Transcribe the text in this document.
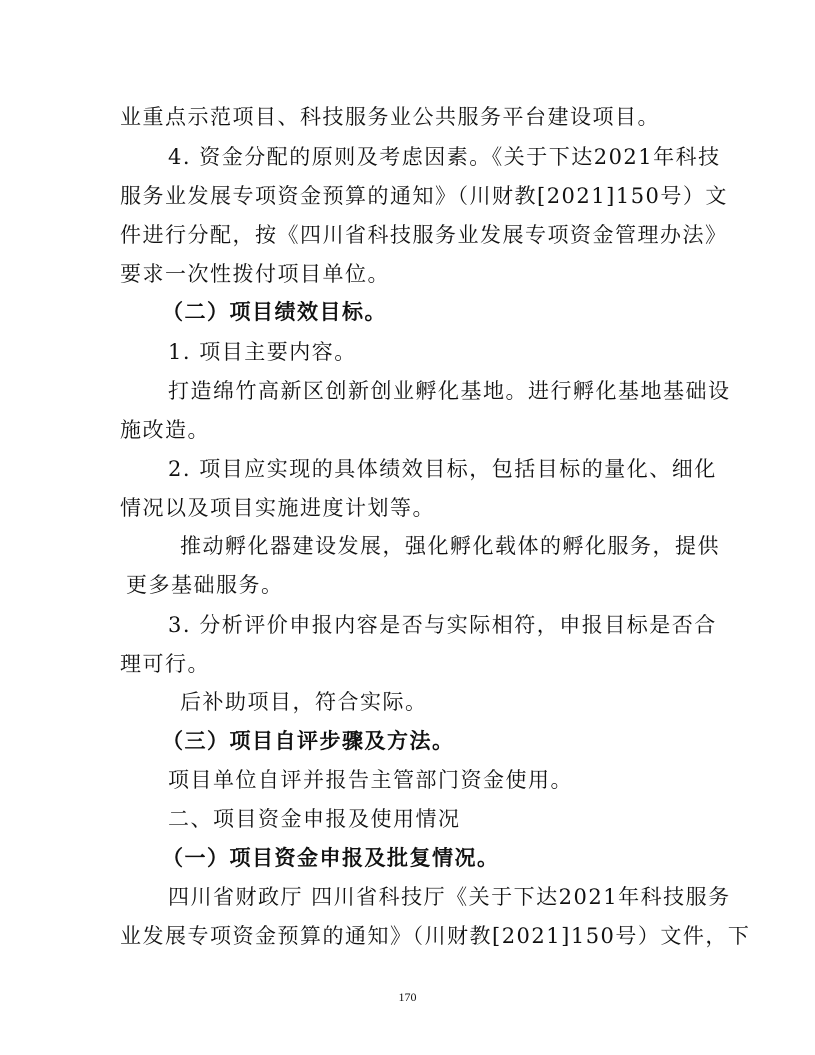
业重点示范项目、科技服务业公共服务平台建设项目。
4. 资金分配的原则及考虑因素。《关于下达2021年科技
服务业发展专项资金预算的通知》（川财教[2021]150号）文
件进行分配，按《四川省科技服务业发展专项资金管理办法》
要求一次性拨付项目单位。
（二）项目绩效目标。
1. 项目主要内容。
打造绵竹高新区创新创业孵化基地。进行孵化基地基础设
施改造。
2. 项目应实现的具体绩效目标，包括目标的量化、细化
情况以及项目实施进度计划等。
推动孵化器建设发展，强化孵化载体的孵化服务，提供
更多基础服务。
3. 分析评价申报内容是否与实际相符，申报目标是否合
理可行。
后补助项目，符合实际。
（三）项目自评步骤及方法。
项目单位自评并报告主管部门资金使用。
二、项目资金申报及使用情况
（一）项目资金申报及批复情况。
四川省财政厅 四川省科技厅《关于下达2021年科技服务
业发展专项资金预算的通知》（川财教[2021]150号）文件，下
170
